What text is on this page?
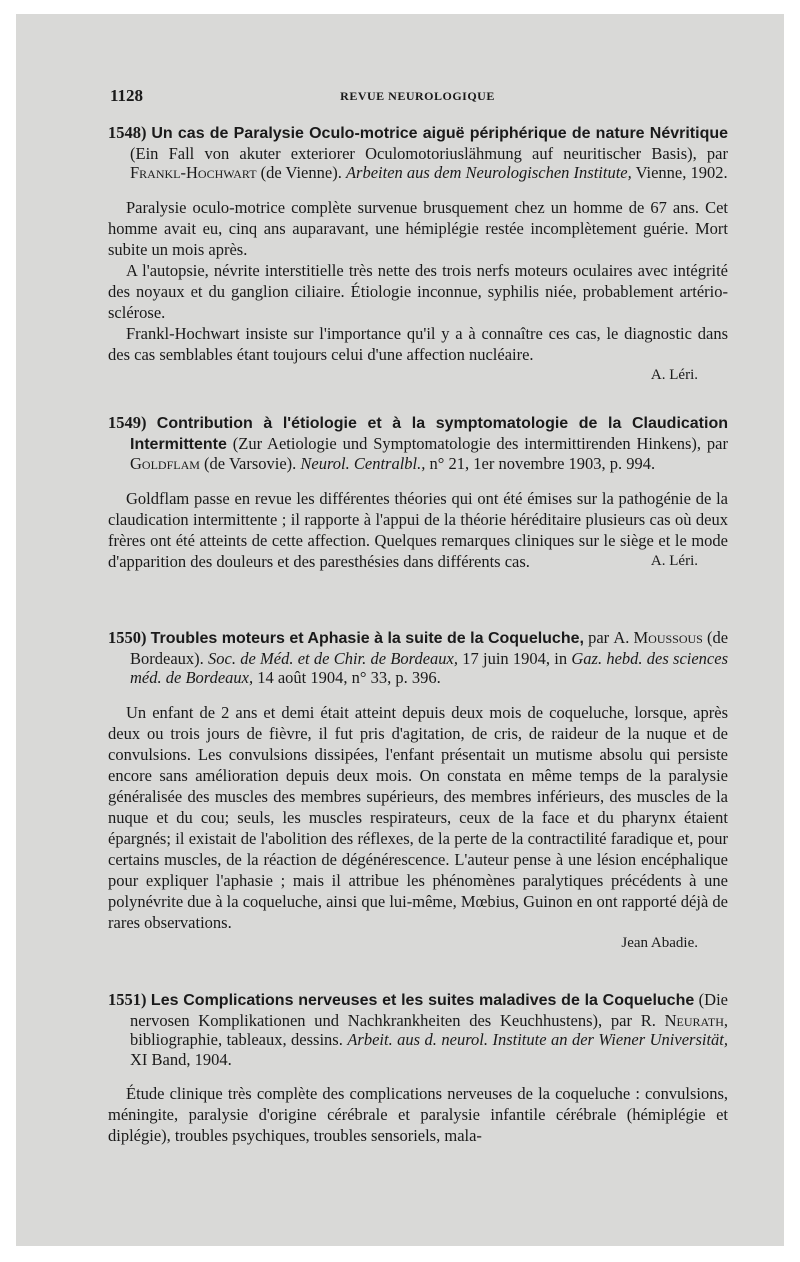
1128	REVUE NEUROLOGIQUE

1548) Un cas de Paralysie Oculo-motrice aiguë périphérique de nature Névritique (Ein Fall von akuter exteriorer Oculomotoriuslähmung auf neuritischer Basis), par Frankl-Hochwart (de Vienne). Arbeiten aus dem Neurologischen Institute, Vienne, 1902.

Paralysie oculo-motrice complète survenue brusquement chez un homme de 67 ans. Cet homme avait eu, cinq ans auparavant, une hémiplégie restée incomplètement guérie. Mort subite un mois après.

A l'autopsie, névrite interstitielle très nette des trois nerfs moteurs oculaires avec intégrité des noyaux et du ganglion ciliaire. Étiologie inconnue, syphilis niée, probablement artério-sclérose.

Frankl-Hochwart insiste sur l'importance qu'il y a à connaître ces cas, le diagnostic dans des cas semblables étant toujours celui d'une affection nucléaire.

A. Léri.

1549) Contribution à l'étiologie et à la symptomatologie de la Claudication Intermittente (Zur Aetiologie und Symptomatologie des intermittirenden Hinkens), par Goldflam (de Varsovie). Neurol. Centralbl., n° 21, 1er novembre 1903, p. 994.

Goldflam passe en revue les différentes théories qui ont été émises sur la pathogénie de la claudication intermittente ; il rapporte à l'appui de la théorie héréditaire plusieurs cas où deux frères ont été atteints de cette affection. Quelques remarques cliniques sur le siège et le mode d'apparition des douleurs et des paresthésies dans différents cas.	A. Léri.

1550) Troubles moteurs et Aphasie à la suite de la Coqueluche, par A. Moussous (de Bordeaux). Soc. de Méd. et de Chir. de Bordeaux, 17 juin 1904, in Gaz. hebd. des sciences méd. de Bordeaux, 14 août 1904, n° 33, p. 396.

Un enfant de 2 ans et demi était atteint depuis deux mois de coqueluche, lorsque, après deux ou trois jours de fièvre, il fut pris d'agitation, de cris, de raideur de la nuque et de convulsions. Les convulsions dissipées, l'enfant présentait un mutisme absolu qui persiste encore sans amélioration depuis deux mois. On constata en même temps de la paralysie généralisée des muscles des membres supérieurs, des membres inférieurs, des muscles de la nuque et du cou; seuls, les muscles respirateurs, ceux de la face et du pharynx étaient épargnés; il existait de l'abolition des réflexes, de la perte de la contractilité faradique et, pour certains muscles, de la réaction de dégénérescence. L'auteur pense à une lésion encéphalique pour expliquer l'aphasie ; mais il attribue les phénomènes paralytiques précédents à une polynévrite due à la coqueluche, ainsi que lui-même, Mœbius, Guinon en ont rapporté déjà de rares observations.

Jean Abadie.

1551) Les Complications nerveuses et les suites maladives de la Coqueluche (Die nervosen Komplikationen und Nachkrankheiten des Keuchhustens), par R. Neurath, bibliographie, tableaux, dessins. Arbeit. aus d. neurol. Institute an der Wiener Universität, XI Band, 1904.

Étude clinique très complète des complications nerveuses de la coqueluche : convulsions, méningite, paralysie d'origine cérébrale et paralysie infantile cérébrale (hémiplégie et diplégie), troubles psychiques, troubles sensoriels, mala-
